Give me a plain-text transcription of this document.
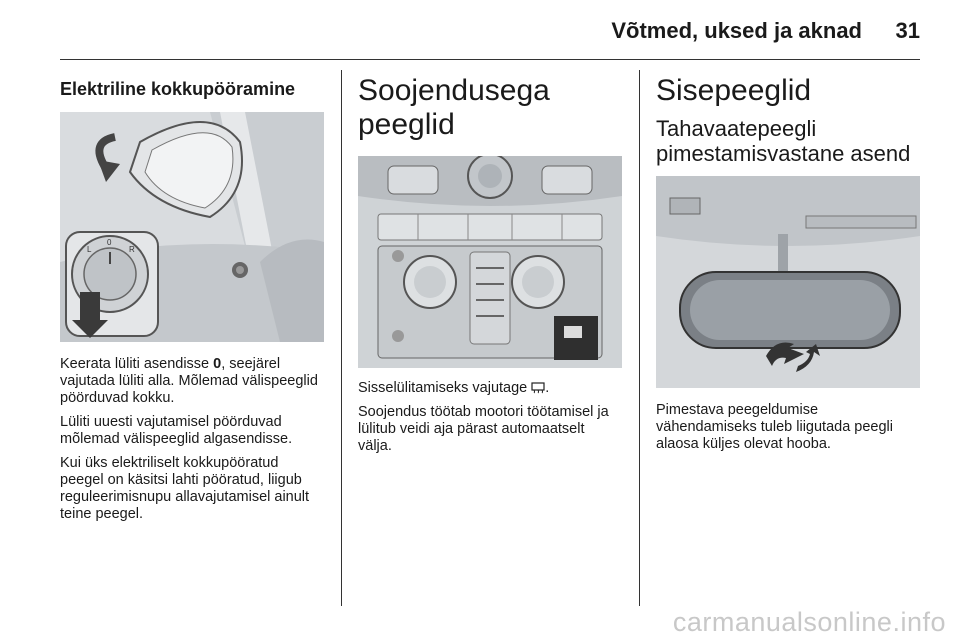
Võtmed, uksed ja aknad 31
Elektriline kokkupööramine
L
0
R

Keerata lüliti asendisse 0, seejärel vajutada lüliti alla. Mõlemad välispeeglid pöörduvad kokku.

Lüliti uuesti vajutamisel pöörduvad mõlemad välispeeglid algasendisse.

Kui üks elektriliselt kokkupööratud peegel on käsitsi lahti pööratud, liigub reguleerimisnupu allavajutamisel ainult teine peegel.

Soojendusega peeglid

Sisselülitamiseks vajutage
.

Soojendus töötab mootori töötamisel ja lülitub veidi aja pärast automaatselt välja.

Sisepeeglid
Tahavaatepeegli pimestamisvastane asend

Pimestava peegeldumise vähendamiseks tuleb liigutada peegli alaosa küljes olevat hooba.

carmanualsonline.info
